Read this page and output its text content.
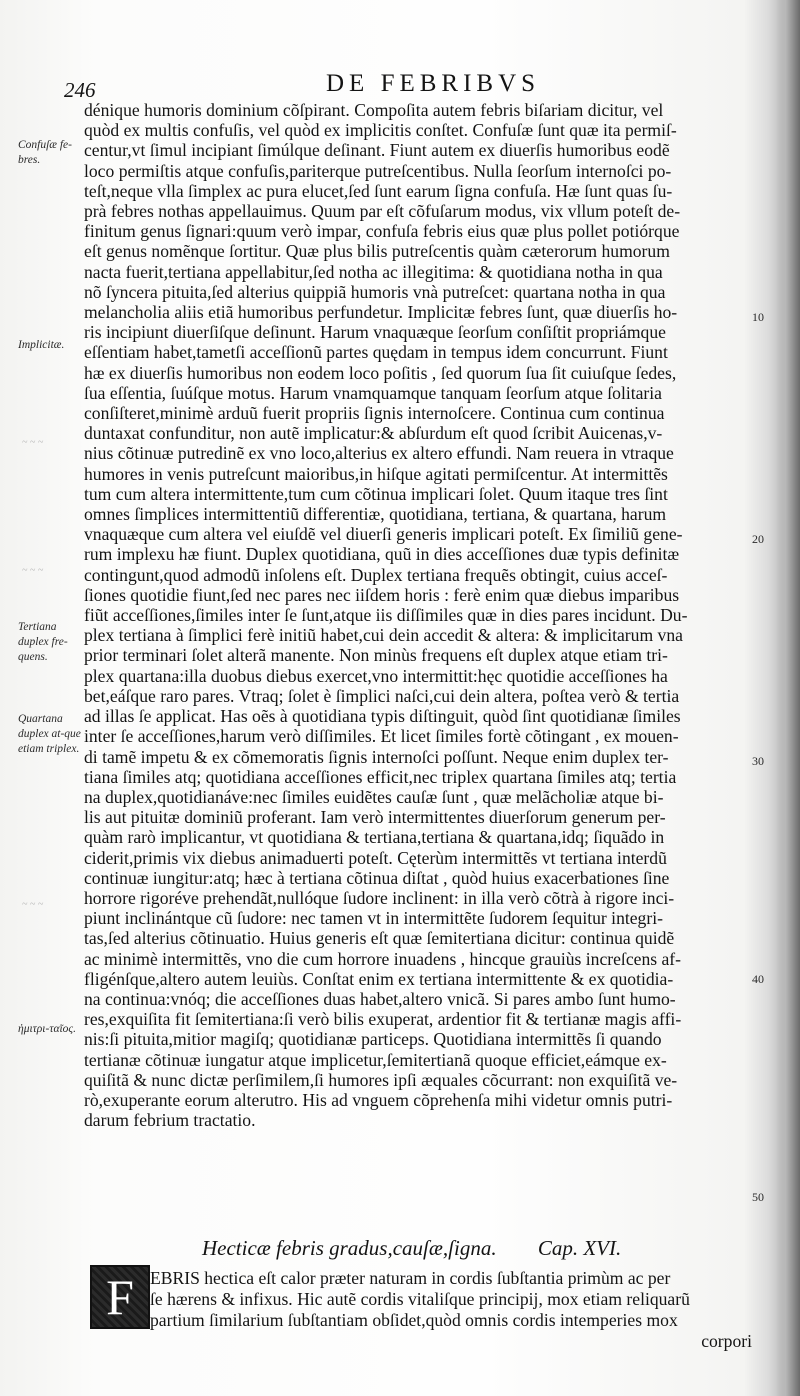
246	DE FEBRIBVS
dénique humoris dominium cõſpirant. Compoſita autem febris biſariam dicitur, vel
quòd ex multis confuſis, vel quòd ex implicitis conſtet. Confuſæ ſunt quæ ita permiſ-
centur,vt ſimul incipiant ſimúlque deſinant. Fiunt autem ex diuerſis humoribus eodẽ
loco permiſtis atque confuſis,pariterque putreſcentibus. Nulla ſeorſum internoſci po-
teſt,neque vlla ſimplex ac pura elucet,ſed ſunt earum ſigna confuſa. Hæ ſunt quas ſu-
prà febres nothas appellauimus. Quum par eſt cõfuſarum modus, vix vllum poteſt de-
finitum genus ſignari:quum verò impar, confuſa febris eius quæ plus pollet potiórque
eſt genus nomẽnque ſortitur. Quæ plus bilis putreſcentis quàm cæterorum humorum
nacta fuerit,tertiana appellabitur,ſed notha ac illegitima: & quotidiana notha in qua
nõ ſyncera pituita,ſed alterius quippiã humoris vnà putreſcet: quartana notha in qua
melancholia aliis etiã humoribus perfundetur. Implicitæ febres ſunt, quæ diuerſis ho-
ris incipiunt diuerſiſque deſinunt. Harum vnaquæque ſeorſum conſiſtit propriámque
eſſentiam habet,tametſi acceſſionũ partes quędam in tempus idem concurrunt. Fiunt
hæ ex diuerſis humoribus non eodem loco poſitis , ſed quorum ſua ſit cuiuſque ſedes,
ſua eſſentia, ſuúſque motus. Harum vnamquamque tanquam ſeorſum atque ſolitaria
conſiſteret,minimè arduũ fuerit propriis ſignis internoſcere. Continua cum continua
duntaxat confunditur, non autẽ implicatur:& abſurdum eſt quod ſcribit Auicenas,v-
nius cõtinuæ putredinẽ ex vno loco,alterius ex altero effundi. Nam reuera in vtraque
humores in venis putreſcunt maioribus,in hiſque agitati permiſcentur. At intermittẽs
tum cum altera intermittente,tum cum cõtinua implicari ſolet. Quum itaque tres ſint
omnes ſimplices intermittentiũ differentiæ, quotidiana, tertiana, & quartana, harum
vnaquæque cum altera vel eiuſdẽ vel diuerſi generis implicari poteſt. Ex ſimiliũ gene-
rum implexu hæ fiunt. Duplex quotidiana, quũ in dies acceſſiones duæ typis definitæ
contingunt,quod admodũ inſolens eſt. Duplex tertiana frequẽs obtingit, cuius acceſ-
ſiones quotidie fiunt,ſed nec pares nec iiſdem horis : ferè enim quæ diebus imparibus
fiũt acceſſiones,ſimiles inter ſe ſunt,atque iis diſſimiles quæ in dies pares incidunt. Du-
plex tertiana à ſimplici ferè initiũ habet,cui dein accedit & altera: & implicitarum vna
prior terminari ſolet alterã manente. Non minùs frequens eſt duplex atque etiam tri-
plex quartana:illa duobus diebus exercet,vno intermittit:hęc quotidie acceſſiones ha
bet,eáſque raro pares. Vtraq; ſolet è ſimplici naſci,cui dein altera, poſtea verò & tertia
ad illas ſe applicat. Has oẽs à quotidiana typis diſtinguit, quòd ſint quotidianæ ſimiles
inter ſe acceſſiones,harum verò diſſimiles. Et licet ſimiles fortè cõtingant , ex mouen-
di tamẽ impetu & ex cõmemoratis ſignis internoſci poſſunt. Neque enim duplex ter-
tiana ſimiles atq; quotidiana acceſſiones efficit,nec triplex quartana ſimiles atq; tertia
na duplex,quotidianáve:nec ſimiles euidẽtes cauſæ ſunt , quæ melãcholiæ atque bi-
lis aut pituitæ dominiũ proferant. Iam verò intermittentes diuerſorum generum per-
quàm rarò implicantur, vt quotidiana & tertiana,tertiana & quartana,idq; ſiquãdo in
ciderit,primis vix diebus animaduerti poteſt. Cęterùm intermittẽs vt tertiana interdũ
continuæ iungitur:atq; hæc à tertiana cõtinua diſtat , quòd huius exacerbationes ſine
horrore rigoréve prehendãt,nullóque ſudore inclinent: in illa verò cõtrà à rigore inci-
piunt inclinántque cũ ſudore: nec tamen vt in intermittẽte ſudorem ſequitur integri-
tas,ſed alterius cõtinuatio. Huius generis eſt quæ ſemitertiana dicitur: continua quidẽ
ac minimè intermittẽs, vno die cum horrore inuadens , hincque grauiùs increſcens af-
fligénſque,altero autem leuiùs. Conſtat enim ex tertiana intermittente & ex quotidia-
na continua:vnóq; die acceſſiones duas habet,altero vnicã. Si pares ambo ſunt humo-
res,exquiſita fit ſemitertiana:ſi verò bilis exuperat, ardentior fit & tertianæ magis affi-
nis:ſi pituita,mitior magiſq; quotidianæ particeps. Quotidiana intermittẽs ſi quando
tertianæ cõtinuæ iungatur atque implicetur,ſemitertianã quoque efficiet,eámque ex-
quiſitã & nunc dictæ perſimilem,ſi humores ipſi æquales cõcurrant: non exquiſitã ve-
rò,exuperante eorum alterutro. His ad vnguem cõprehenſa mihi videtur omnis putri-
darum febrium tractatio.
Confuſæ fe-bres.
Implicitæ.
Tertiana duplex fre-quens.
Quartana duplex at-que etiam triplex.
ἡμιτρι-ταῖος.
~ ~ ~
~ ~ ~
~ ~ ~
10
20
30
40
50
Hecticæ febris gradus,cauſæ,ſigna. Cap. XVI.
F EBRIS hectica eſt calor præter naturam in cordis ſubſtantia primùm ac per
ſe hærens & infixus. Hic autẽ cordis vitaliſque principij, mox etiam reliquarũ
partium ſimilarium ſubſtantiam obſidet,quòd omnis cordis intemperies mox
corpori
